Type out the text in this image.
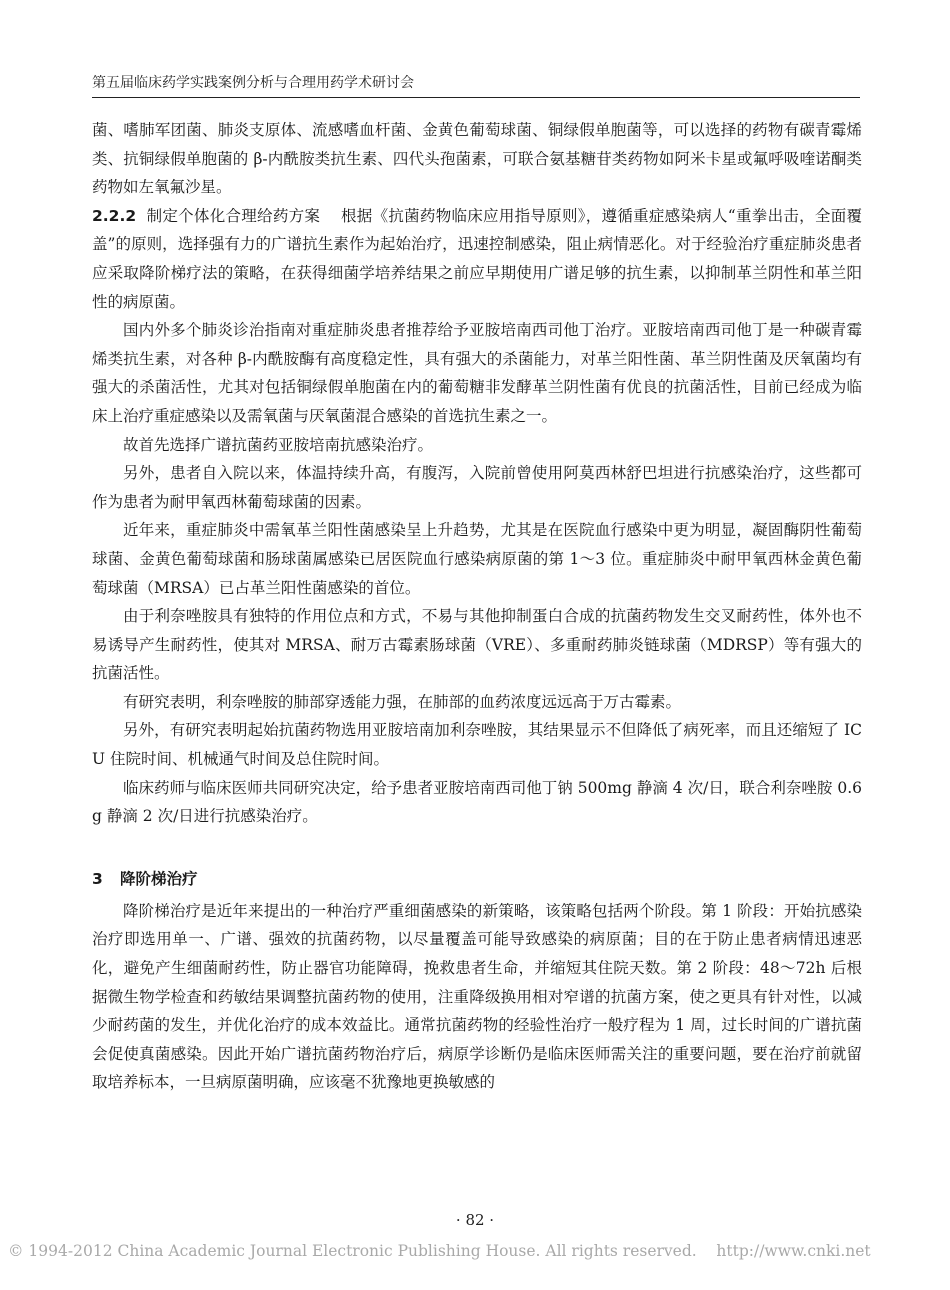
第五届临床药学实践案例分析与合理用药学术研讨会

菌、嗜肺军团菌、肺炎支原体、流感嗜血杆菌、金黄色葡萄球菌、铜绿假单胞菌等，可以选择的药物有碳青霉烯类、抗铜绿假单胞菌的 β-内酰胺类抗生素、四代头孢菌素，可联合氨基糖苷类药物如阿米卡星或氟呼吸喹诺酮类药物如左氧氟沙星。

2.2.2 制定个体化合理给药方案 根据《抗菌药物临床应用指导原则》，遵循重症感染病人“重拳出击，全面覆盖”的原则，选择强有力的广谱抗生素作为起始治疗，迅速控制感染，阻止病情恶化。对于经验治疗重症肺炎患者应采取降阶梯疗法的策略，在获得细菌学培养结果之前应早期使用广谱足够的抗生素，以抑制革兰阴性和革兰阳性的病原菌。

国内外多个肺炎诊治指南对重症肺炎患者推荐给予亚胺培南西司他丁治疗。亚胺培南西司他丁是一种碳青霉烯类抗生素，对各种 β-内酰胺酶有高度稳定性，具有强大的杀菌能力，对革兰阳性菌、革兰阴性菌及厌氧菌均有强大的杀菌活性，尤其对包括铜绿假单胞菌在内的葡萄糖非发酵革兰阴性菌有优良的抗菌活性，目前已经成为临床上治疗重症感染以及需氧菌与厌氧菌混合感染的首选抗生素之一。

故首先选择广谱抗菌药亚胺培南抗感染治疗。

另外，患者自入院以来，体温持续升高，有腹泻，入院前曾使用阿莫西林舒巴坦进行抗感染治疗，这些都可作为患者为耐甲氧西林葡萄球菌的因素。

近年来，重症肺炎中需氧革兰阳性菌感染呈上升趋势，尤其是在医院血行感染中更为明显，凝固酶阴性葡萄球菌、金黄色葡萄球菌和肠球菌属感染已居医院血行感染病原菌的第 1～3 位。重症肺炎中耐甲氧西林金黄色葡萄球菌（MRSA）已占革兰阳性菌感染的首位。

由于利奈唑胺具有独特的作用位点和方式，不易与其他抑制蛋白合成的抗菌药物发生交叉耐药性，体外也不易诱导产生耐药性，使其对 MRSA、耐万古霉素肠球菌（VRE）、多重耐药肺炎链球菌（MDRSP）等有强大的抗菌活性。

有研究表明，利奈唑胺的肺部穿透能力强，在肺部的血药浓度远远高于万古霉素。

另外，有研究表明起始抗菌药物选用亚胺培南加利奈唑胺，其结果显示不但降低了病死率，而且还缩短了 ICU 住院时间、机械通气时间及总住院时间。

临床药师与临床医师共同研究决定，给予患者亚胺培南西司他丁钠 500mg 静滴 4 次/日，联合利奈唑胺 0.6g 静滴 2 次/日进行抗感染治疗。

3 降阶梯治疗

降阶梯治疗是近年来提出的一种治疗严重细菌感染的新策略，该策略包括两个阶段。第 1 阶段：开始抗感染治疗即选用单一、广谱、强效的抗菌药物，以尽量覆盖可能导致感染的病原菌；目的在于防止患者病情迅速恶化，避免产生细菌耐药性，防止器官功能障碍，挽救患者生命，并缩短其住院天数。第 2 阶段：48～72h 后根据微生物学检查和药敏结果调整抗菌药物的使用，注重降级换用相对窄谱的抗菌方案，使之更具有针对性，以减少耐药菌的发生，并优化治疗的成本效益比。通常抗菌药物的经验性治疗一般疗程为 1 周，过长时间的广谱抗菌会促使真菌感染。因此开始广谱抗菌药物治疗后，病原学诊断仍是临床医师需关注的重要问题，要在治疗前就留取培养标本，一旦病原菌明确，应该毫不犹豫地更换敏感的

· 82 ·
© 1994-2012 China Academic Journal Electronic Publishing House. All rights reserved.    http://www.cnki.net
